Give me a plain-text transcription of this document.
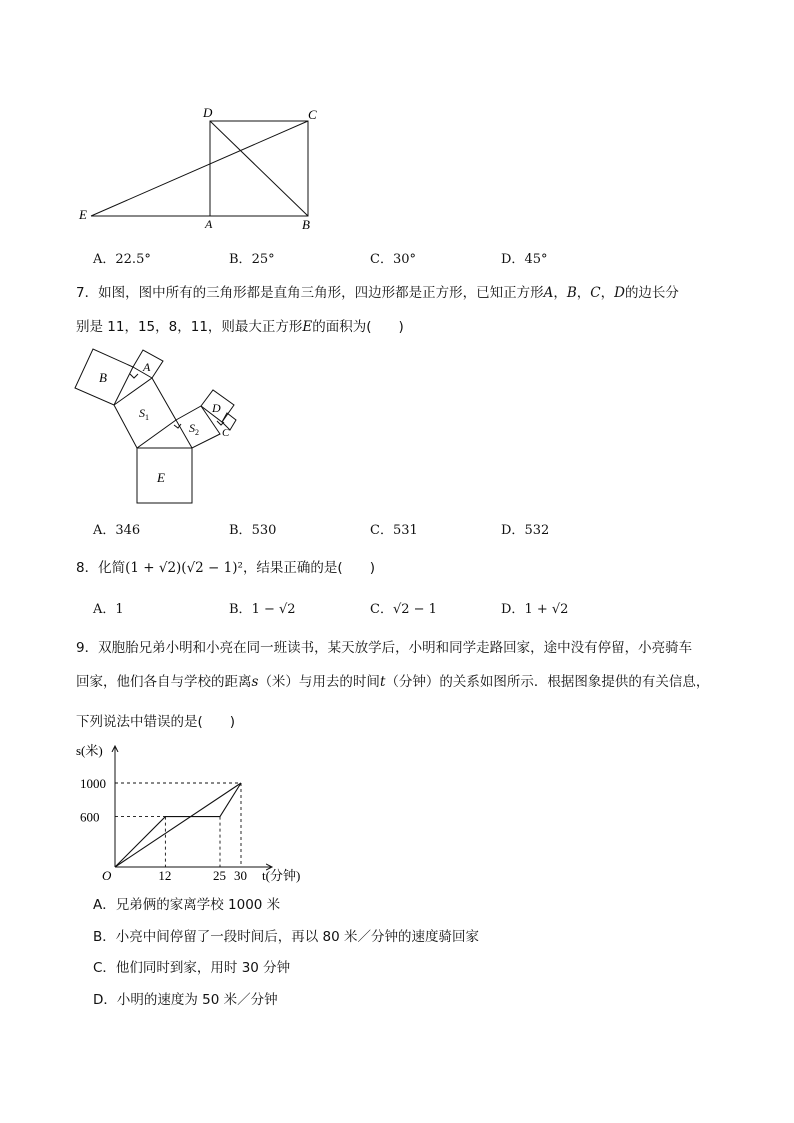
D	C
E
A	B
A．22.5°	B．25°	C．30°	D．45°
7．如图，图中所有的三角形都是直角三角形，四边形都是正方形，已知正方形A，B，C，D的边长分
别是 11，15，8，11，则最大正方形E的面积为(　　)
B
A
$S_1$
D
$S_2$ C
E
A．346	B．530	C．531	D．532
8．化简(1 + √2)(√2 − 1)²，结果正确的是(　　)
A．1	B．1 − √2	C．√2 − 1	D．1 + √2
9．双胞胎兄弟小明和小亮在同一班读书，某天放学后，小明和同学走路回家，途中没有停留，小亮骑车
回家，他们各自与学校的距离s（米）与用去的时间t（分钟）的关系如图所示．根据图象提供的有关信息，
下列说法中错误的是(　　)
1000
600
12	25 30
s(米)
t(分钟)
O
A．兄弟俩的家离学校 1000 米
B．小亮中间停留了一段时间后，再以 80 米／分钟的速度骑回家
C．他们同时到家，用时 30 分钟
D．小明的速度为 50 米／分钟
